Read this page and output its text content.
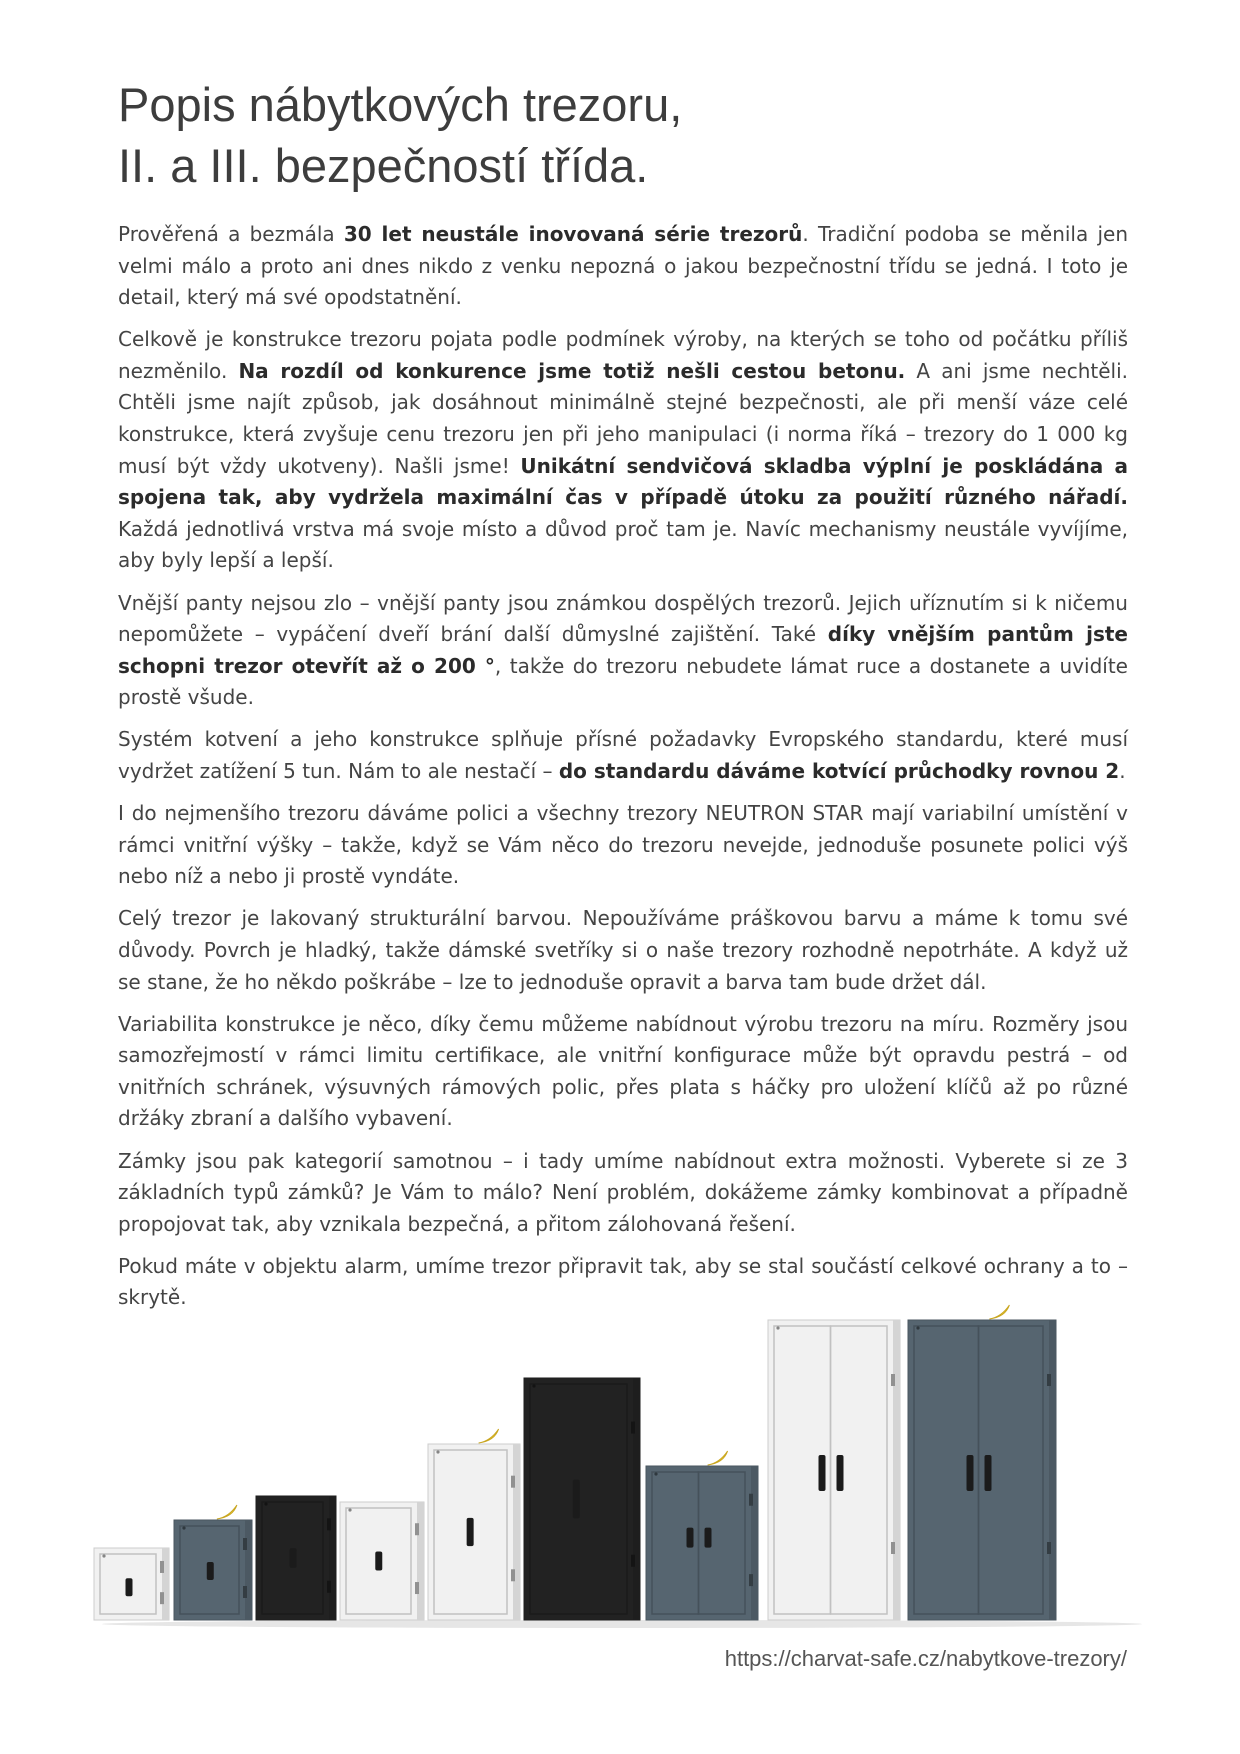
Popis nábytkových trezoru,
II. a III. bezpečností třída.

Prověřená a bezmála 30 let neustále inovovaná série trezorů. Tradiční podoba se měnila jen velmi málo a proto ani dnes nikdo z venku nepozná o jakou bezpečnostní třídu se jedná. I toto je detail, který má své opodstatnění.

Celkově je konstrukce trezoru pojata podle podmínek výroby, na kterých se toho od počátku příliš nezměnilo. Na rozdíl od konkurence jsme totiž nešli cestou betonu. A ani jsme nechtěli. Chtěli jsme najít způsob, jak dosáhnout minimálně stejné bezpečnosti, ale při menší váze celé konstrukce, která zvyšuje cenu trezoru jen při jeho manipulaci (i norma říká – trezory do 1 000 kg musí být vždy ukotveny). Našli jsme! Unikátní sendvičová skladba výplní je poskládána a spojena tak, aby vydržela maximální čas v případě útoku za použití různého nářadí. Každá jednotlivá vrstva má svoje místo a důvod proč tam je. Navíc mechanismy neustále vyvíjíme, aby byly lepší a lepší.

Vnější panty nejsou zlo – vnější panty jsou známkou dospělých trezorů. Jejich uříznutím si k ničemu nepomůžete – vypáčení dveří brání další důmyslné zajištění. Také díky vnějším pantům jste schopni trezor otevřít až o 200 °, takže do trezoru nebudete lámat ruce a dostanete a uvidíte prostě všude.

Systém kotvení a jeho konstrukce splňuje přísné požadavky Evropského standardu, které musí vydržet zatížení 5 tun. Nám to ale nestačí – do standardu dáváme kotvící průchodky rovnou 2.

I do nejmenšího trezoru dáváme polici a všechny trezory NEUTRON STAR mají variabilní umístění v rámci vnitřní výšky – takže, když se Vám něco do trezoru nevejde, jednoduše posunete polici výš nebo níž a nebo ji prostě vyndáte.

Celý trezor je lakovaný strukturální barvou. Nepoužíváme práškovou barvu a máme k tomu své důvody. Povrch je hladký, takže dámské svetříky si o naše trezory rozhodně nepotrháte. A když už se stane, že ho někdo poškrábe – lze to jednoduše opravit a barva tam bude držet dál.

Variabilita konstrukce je něco, díky čemu můžeme nabídnout výrobu trezoru na míru. Rozměry jsou samozřejmostí v rámci limitu certifikace, ale vnitřní konfigurace může být opravdu pestrá – od vnitřních schránek, výsuvných rámových polic, přes plata s háčky pro uložení klíčů až po různé držáky zbraní a dalšího vybavení.

Zámky jsou pak kategorií samotnou – i tady umíme nabídnout extra možnosti. Vyberete si ze 3 základních typů zámků? Je Vám to málo? Není problém, dokážeme zámky kombinovat a případně propojovat tak, aby vznikala bezpečná, a přitom zálohovaná řešení.

Pokud máte v objektu alarm, umíme trezor připravit tak, aby se stal součástí celkové ochrany a to – skrytě.

https://charvat-safe.cz/nabytkove-trezory/
